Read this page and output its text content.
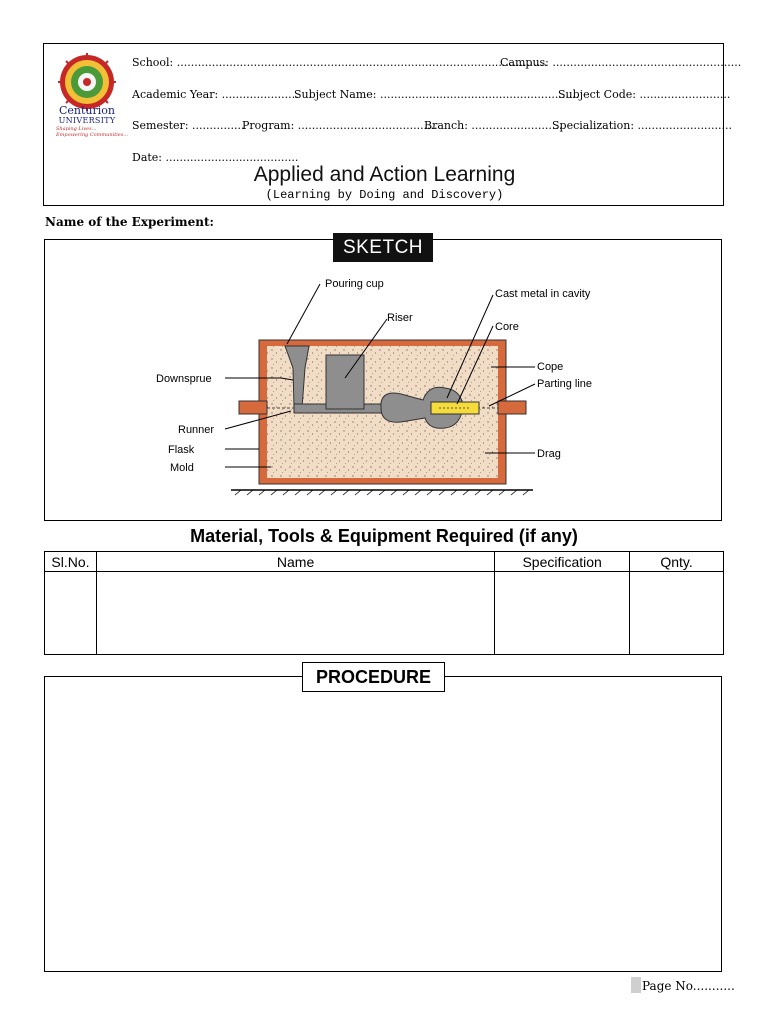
Centurion
UNIVERSITY
Shaping Lives...
Empowering Communities...
School: ..........................................................................................................
Campus: ......................................................
Academic Year: ......................
Subject Name: .........................................................
Subject Code: ..........................
Semester: ...............
Program: ........................................
Branch: ..........................
Specialization: ...........................
Date: ......................................
Applied and Action Learning
(Learning by Doing and Discovery)
Name of the Experiment:
Pouring cup
Riser
Cast metal in cavity
Core
Downsprue
Cope
Parting line
Runner
Flask
Mold
Drag
SKETCH
Material, Tools & Equipment Required (if any)
Sl.No.	Name	Specification	Qnty.

PROCEDURE
Page No...........
